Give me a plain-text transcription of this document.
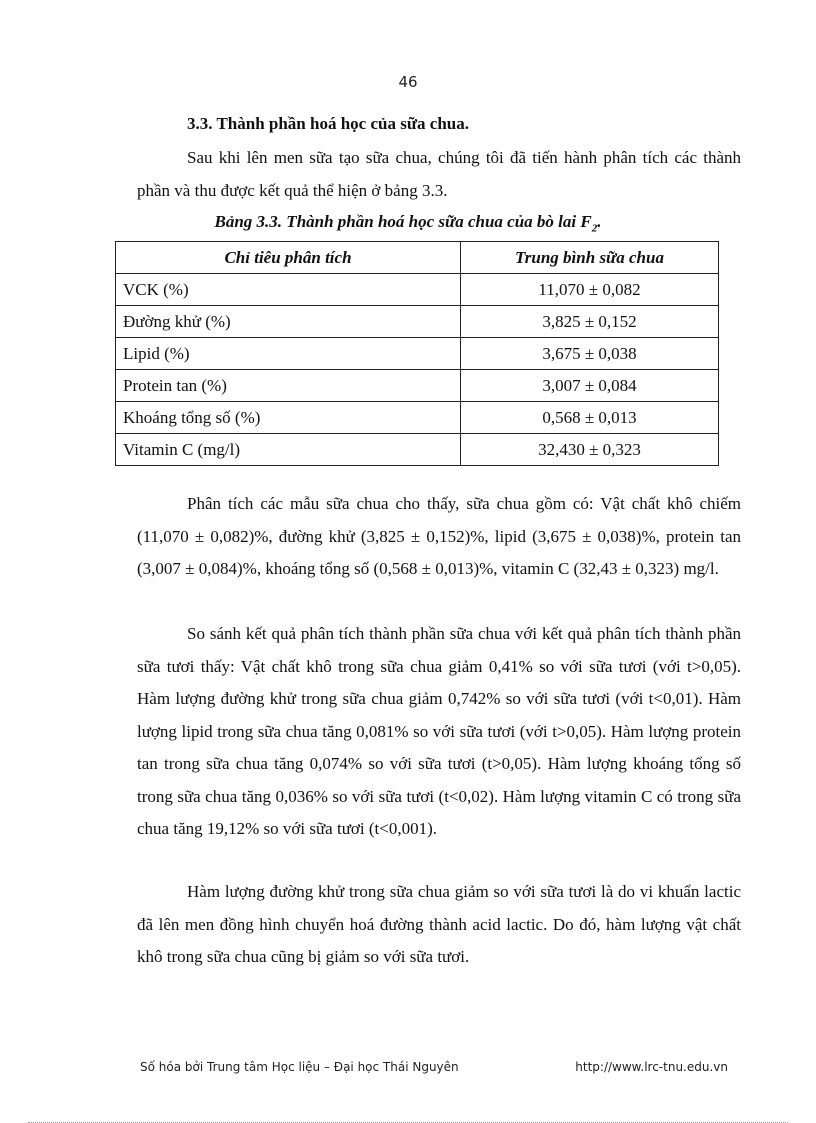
46
3.3. Thành phần hoá học của sữa chua.

Sau khi lên men sữa tạo sữa chua, chúng tôi đã tiến hành phân tích các thành phần và thu được kết quả thể hiện ở bảng 3.3.

Bảng 3.3. Thành phần hoá học sữa chua của bò lai $F_2$.
Chỉ tiêu phân tích	Trung bình sữa chua
VCK (%)	11,070 ± 0,082
Đường khử (%)	3,825 ± 0,152
Lipid (%)	3,675 ± 0,038
Protein tan (%)	3,007 ± 0,084
Khoáng tổng số (%)	0,568 ± 0,013
Vitamin C (mg/l)	32,430 ± 0,323

Phân tích các mẫu sữa chua cho thấy, sữa chua gồm có: Vật chất khô chiếm (11,070 ± 0,082)%, đường khử (3,825 ± 0,152)%, lipid (3,675 ± 0,038)%, protein tan (3,007 ± 0,084)%, khoáng tổng số (0,568 ± 0,013)%, vitamin C (32,43 ± 0,323) mg/l.

So sánh kết quả phân tích thành phần sữa chua với kết quả phân tích thành phần sữa tươi thấy: Vật chất khô trong sữa chua giảm 0,41% so với sữa tươi (với t>0,05). Hàm lượng đường khử trong sữa chua giảm 0,742% so với sữa tươi (với t<0,01). Hàm lượng lipid trong sữa chua tăng 0,081% so với sữa tươi (với t>0,05). Hàm lượng protein tan trong sữa chua tăng 0,074% so với sữa tươi (t>0,05). Hàm lượng khoáng tổng số trong sữa chua tăng 0,036% so với sữa tươi (t<0,02). Hàm lượng vitamin C có trong sữa chua tăng 19,12% so với sữa tươi (t<0,001).

Hàm lượng đường khử trong sữa chua giảm so với sữa tươi là do vi khuẩn lactic đã lên men đồng hình chuyển hoá đường thành acid lactic. Do đó, hàm lượng vật chất khô trong sữa chua cũng bị giảm so với sữa tươi.

Số hóa bởi Trung tâm Học liệu – Đại học Thái Nguyên	http://www.lrc-tnu.edu.vn
